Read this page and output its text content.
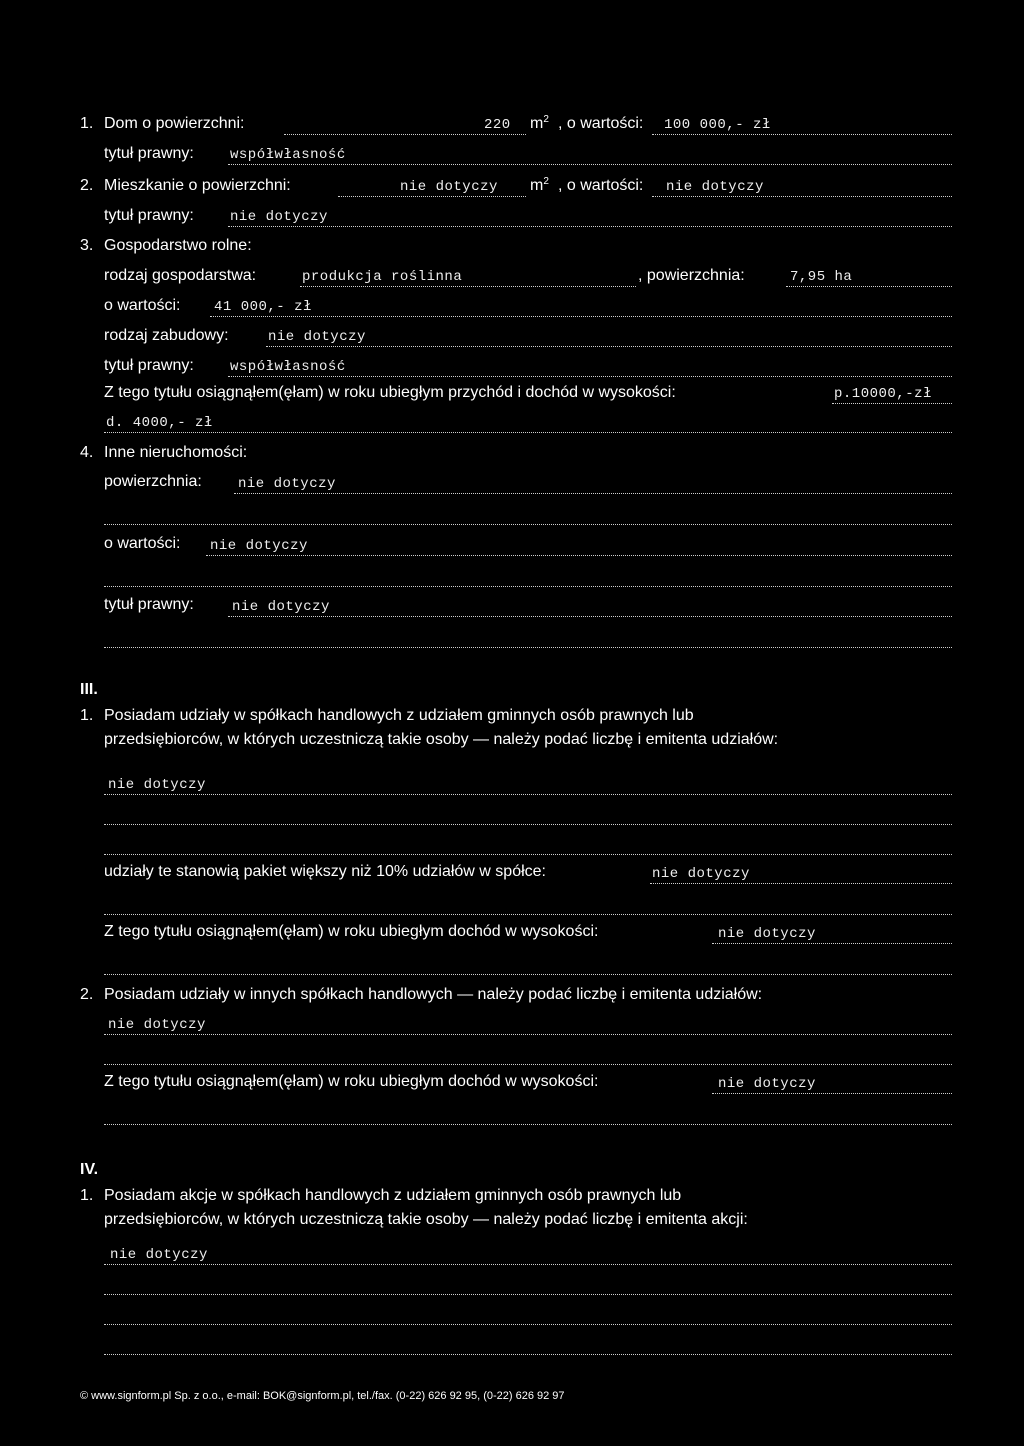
1. Dom o powierzchni:	220 $m^2$ , o wartości: 100 000,- zł
tytuł prawny:	współwłasność
2. Mieszkanie o powierzchni:	nie dotyczy $m^2$ , o wartości: nie dotyczy
tytuł prawny:	nie dotyczy
3. Gospodarstwo rolne:
rodzaj gospodarstwa:	produkcja roślinna	, powierzchnia:	7,95 ha
o wartości: 41 000,- zł
rodzaj zabudowy:	nie dotyczy
tytuł prawny:	współwłasność
Z tego tytułu osiągnąłem(ęłam) w roku ubiegłym przychód i dochód w wysokości:	p.10000,-zł
d. 4000,- zł
4. Inne nieruchomości:
powierzchnia:	nie dotyczy
o wartości: nie dotyczy
tytuł prawny:	nie dotyczy
III.
1. Posiadam udziały w spółkach handlowych z udziałem gminnych osób prawnych lub
przedsiębiorców, w których uczestniczą takie osoby — należy podać liczbę i emitenta udziałów:
nie dotyczy
udziały te stanowią pakiet większy niż 10% udziałów w spółce:	nie dotyczy
Z tego tytułu osiągnąłem(ęłam) w roku ubiegłym dochód w wysokości:	nie dotyczy
2. Posiadam udziały w innych spółkach handlowych — należy podać liczbę i emitenta udziałów:
nie dotyczy
Z tego tytułu osiągnąłem(ęłam) w roku ubiegłym dochód w wysokości:	nie dotyczy
IV.
1. Posiadam akcje w spółkach handlowych z udziałem gminnych osób prawnych lub
przedsiębiorców, w których uczestniczą takie osoby — należy podać liczbę i emitenta akcji:
nie dotyczy
© www.signform.pl Sp. z o.o., e-mail: BOK@signform.pl, tel./fax. (0-22) 626 92 95, (0-22) 626 92 97
